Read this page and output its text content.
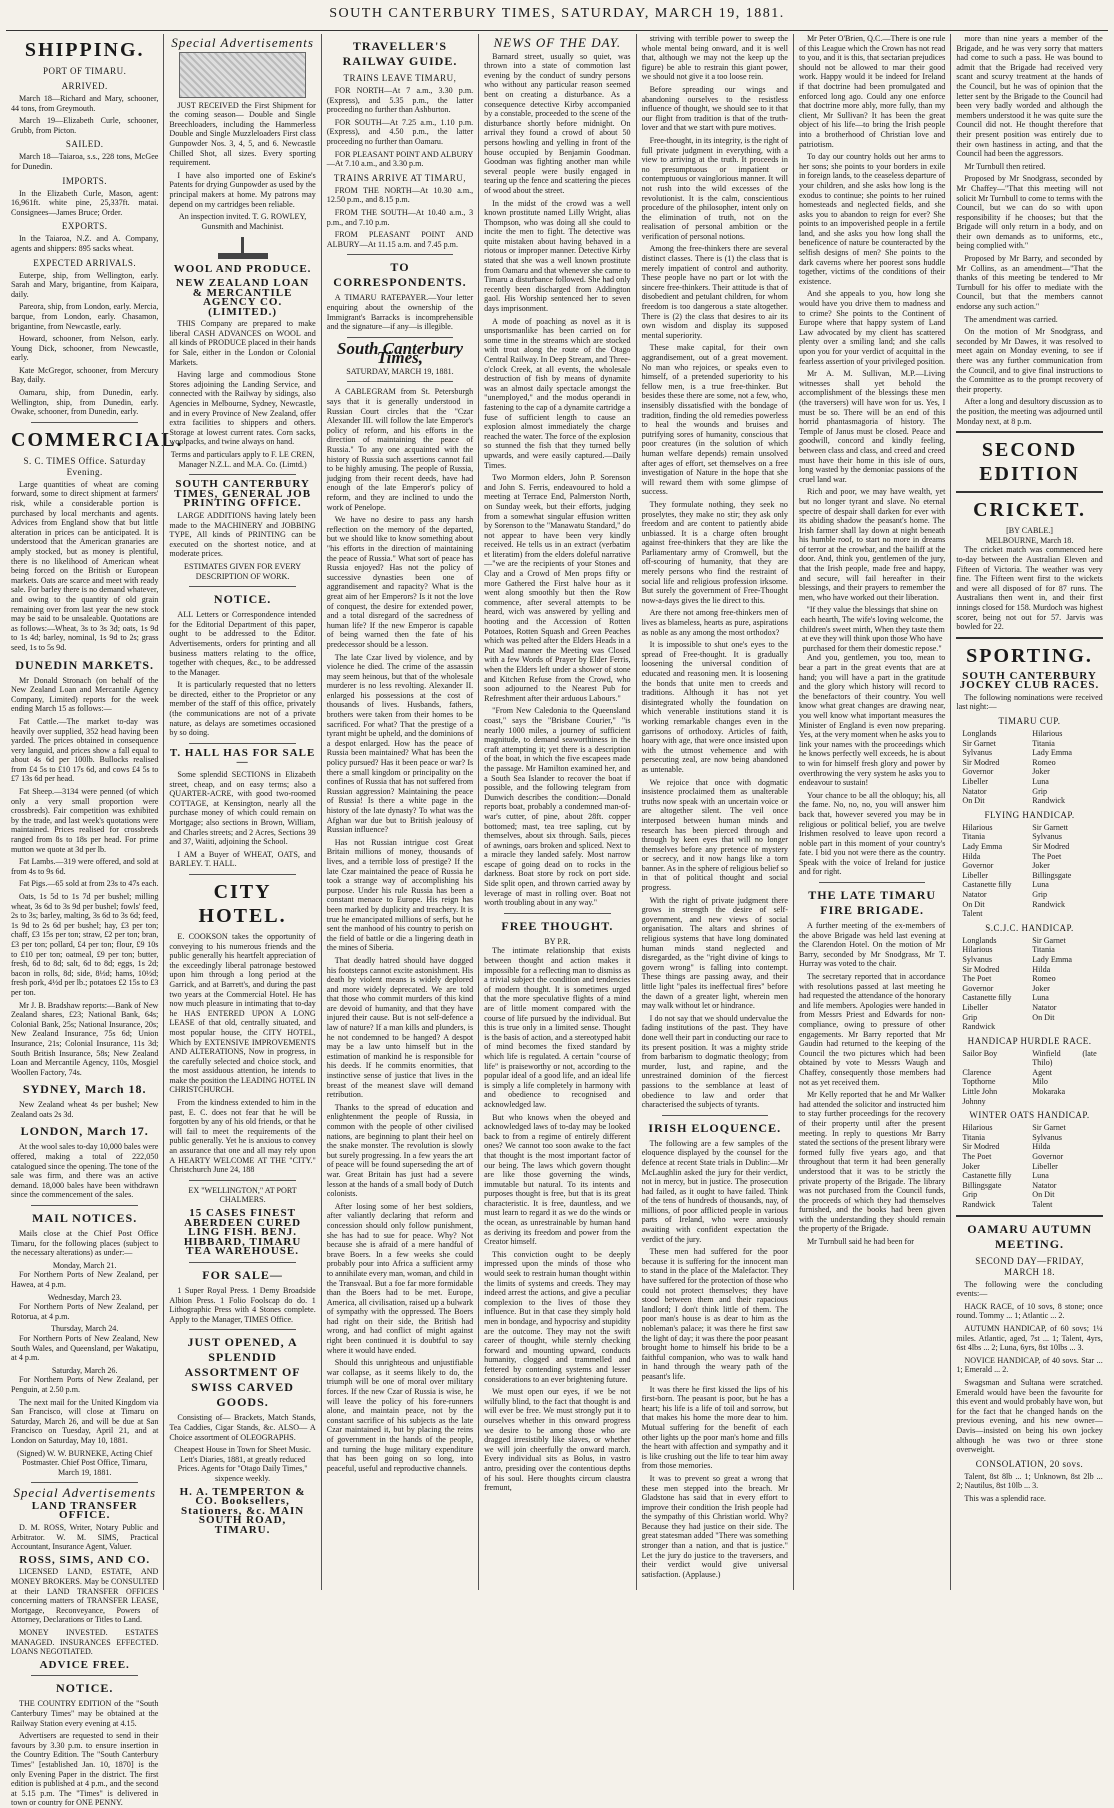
SOUTH CANTERBURY TIMES, SATURDAY, MARCH 19, 1881.
SHIPPING.
PORT OF TIMARU.
ARRIVED.

March 18—Richard and Mary, schooner, 44 tons, from Greymouth.

March 19—Elizabeth Curle, schooner, Grubb, from Picton.

SAILED.

March 18—Taiaroa, s.s., 228 tons, McGee for Dunedin.

IMPORTS.

In the Elizabeth Curle, Mason, agent: 16,961ft. white pine, 25,337ft. matai. Consignees—James Bruce; Order.

EXPORTS.

In the Taiaroa, N.Z. and A. Company, agents and shippers: 895 sacks wheat.

EXPECTED ARRIVALS.

Euterpe, ship, from Wellington, early. Sarah and Mary, brigantine, from Kaipara, daily.

Pareora, ship, from London, early. Mercia, barque, from London, early. Chasamon, brigantine, from Newcastle, early.

Howard, schooner, from Nelson, early. Young Dick, schooner, from Newcastle, early.

Kate McGregor, schooner, from Mercury Bay, daily.

Oamaru, ship, from Dunedin, early. Wellington, ship, from Dunedin, early. Owake, schooner, from Dunedin, early.

COMMERCIAL.
S. C. TIMES Office. Saturday Evening.

Large quantities of wheat are coming forward, some to direct shipment at farmers' risk, while a considerable portion is purchased by local merchants and agents. Advices from England show that but little alteration in prices can be anticipated. It is understood that the American granaries are amply stocked, but as money is plentiful, there is no likelihood of American wheat being forced on the British or European markets. Oats are scarce and meet with ready sale. For barley there is no demand whatever, and owing to the quantity of old grain remaining over from last year the new stock may be said to be unsaleable. Quotations are as follows:—Wheat, 3s to 3s 3d; oats, 1s 9d to 1s 4d; barley, nominal, 1s 9d to 2s; grass seed, 1s to 5s 9d.

DUNEDIN MARKETS.

Mr Donald Stronach (on behalf of the New Zealand Loan and Mercantile Agency Company, Limited) reports for the week ending March 15 as follows:—

Fat Cattle.—The market to-day was heavily over supplied, 352 head having been yarded. The prices obtained in consequence very languid, and prices show a fall equal to about 4s 6d per 100lb. Bullocks realised from £4 5s to £10 17s 6d, and cows £4 5s to £7 13s 6d per head.

Fat Sheep.—3134 were penned (of which only a very small proportion were crossbreds). Fair competition was exhibited by the trade, and last week's quotations were maintained. Prices realised for crossbreds ranged from 8s to 18s per head. For prime mutton we quote at 3d per lb.

Fat Lambs.—319 were offered, and sold at from 4s to 9s 6d.

Fat Pigs.—65 sold at from 23s to 47s each.

Oats, 1s 5d to 1s 7d per bushel; milling wheat, 3s 6d to 3s 9d per bushel; fowls' feed, 2s to 3s; barley, malting, 3s 6d to 3s 6d; feed, 1s 9d to 2s 6d per bushel; hay, £3 per ton; chaff, £3 15s per ton; straw, £2 per ton; bran, £3 per ton; pollard, £4 per ton; flour, £9 10s to £10 per ton; oatmeal, £9 per ton; butter, fresh, 6d to 8d; salt, 6d to 8d; eggs, 1s 2d; bacon in rolls, 8d; side, 8½d; hams, 10½d; fresh pork, 4½d per lb.; potatoes £2 15s to £3 per ton.

Mr J. B. Bradshaw reports:—Bank of New Zealand shares, £23; National Bank, 64s; Colonial Bank, 25s; National Insurance, 20s; New Zealand Insurance, 75s 6d; Union Insurance, 21s; Colonial Insurance, 11s 3d; South British Insurance, 58s; New Zealand Loan and Mercantile Agency, 110s, Mosgiel Woollen Factory, 74s.

SYDNEY, March 18.

New Zealand wheat 4s per bushel; New Zealand oats 2s 3d.

LONDON, March 17.

At the wool sales to-day 10,000 bales were offered, making a total of 222,050 catalogued since the opening. The tone of the sale was firm, and there was an active demand. 18,000 bales have been withdrawn since the commencement of the sales.

MAIL NOTICES.

Mails close at the Chief Post Office Timaru, for the following places (subject to the necessary alterations) as under:—

Monday, March 21.

For Northern Ports of New Zealand, per Hawea, at 4 p.m.

Wednesday, March 23.

For Northern Ports of New Zealand, per Rotorua, at 4 p.m.

Thursday, March 24.

For Northern Ports of New Zealand, New South Wales, and Queensland, per Wakatipu, at 4 p.m.

Saturday, March 26.

For Northern Ports of New Zealand, per Penguin, at 2.50 p.m.

The next mail for the United Kingdom via San Francisco, will close at Timaru on Saturday, March 26, and will be due at San Francisco on Tuesday, April 21, and at London on Saturday, May 10, 1881.

(Signed) W. W. BURNEKE, Acting Chief Postmaster. Chief Post Office, Timaru, March 19, 1881.
Special Advertisements
LAND TRANSFER OFFICE.

D. M. ROSS, Writer, Notary Public and Arbitrator. W. M. SIMS, Practical Accountant, Insurance Agent, Valuer.

ROSS, SIMS, AND CO.

LICENSED LAND, ESTATE, AND MONEY BROKERS. May be CONSULTED at their LAND TRANSFER OFFICES concerning matters of TRANSFER LEASE, Mortgage, Reconveyance, Powers of Attorney, Declarations or Titles to Land.

MONEY INVESTED. ESTATES MANAGED. INSURANCES EFFECTED. LOANS NEGOTIATED.

ADVICE FREE.
NOTICE.

THE COUNTRY EDITION of the "South Canterbury Times" may be obtained at the Railway Station every evening at 4.15.

Advertisers are requested to send in their favours by 3.30 p.m. to ensure insertion in the Country Edition. The "South Canterbury Times" [established Jan. 10, 1870] is the only Evening Paper in the district. The first edition is published at 4 p.m., and the second at 5.15 p.m. The "Times" is delivered in town or country for ONE PENNY.

Special Advertisements

JUST RECEIVED the First Shipment for the coming season— Double and Single Breechloaders, including the Hammerless Double and Single Muzzleloaders First class Gunpowder Nos. 3, 4, 5, and 6. Newcastle Chilled Shot, all sizes. Every sporting requirement.

I have also imported one of Eskine's Patents for drying Gunpowder as used by the principal makers at home. My patrons may depend on my cartridges been reliable.

An inspection invited. T. G. ROWLEY, Gunsmith and Machinist.
WOOL AND PRODUCE.
NEW ZEALAND LOAN & MERCANTILE AGENCY CO. (LIMITED.)

THIS Company are prepared to make liberal CASH ADVANCES on WOOL and all kinds of PRODUCE placed in their hands for Sale, either in the London or Colonial Markets.

Having large and commodious Stone Stores adjoining the Landing Service, and connected with the Railway by sidings, also Agencies in Melbourne, Sydney, Newcastle, and in every Province of New Zealand, offer extra facilities to shippers and others. Storage at lowest current rates. Corn sacks, woolpacks, and twine always on hand.

Terms and particulars apply to F. LE CREN, Manager N.Z.L. and M.A. Co. (Limtd.)
SOUTH CANTERBURY TIMES, GENERAL JOB PRINTING OFFICE.

LARGE ADDITIONS having lately been made to the MACHINERY and JOBBING TYPE, All kinds of PRINTING can be executed on the shortest notice, and at moderate prices.

ESTIMATES GIVEN FOR EVERY DESCRIPTION OF WORK.
NOTICE.

ALL Letters or Correspondence intended for the Editorial Department of this paper, ought to be addressed to the Editor. Advertisements, orders for printing and all business matters relating to the office, together with cheques, &c., to be addressed to the Manager.

It is particularly requested that no letters be directed, either to the Proprietor or any member of the staff of this office, privately (the communications are not of a private nature, as delays are sometimes occasioned by so doing.

T. HALL HAS FOR SALE—

Some splendid SECTIONS in Elizabeth street, cheap, and on easy terms; also a QUARTER-ACRE, with good two-roomed COTTAGE, at Kensington, nearly all the purchase money of which could remain on Mortgage; also sections in Brown, William, and Charles streets; and 2 Acres, Sections 39 and 37, Waiiti, adjoining the School.

I AM a Buyer of WHEAT, OATS, and BARLEY. T. HALL.

CITY HOTEL.

E. COOKSON takes the opportunity of conveying to his numerous friends and the public generally his heartfelt appreciation of the exceedingly liberal patronage bestowed upon him through a long period at the Garrick, and at Barrett's, and during the past two years at the Commercial Hotel. He has now much pleasure in intimating that to-day he HAS ENTERED UPON A LONG LEASE of that old, centrally situated, and most popular house, the CITY HOTEL, Which by EXTENSIVE IMPROVEMENTS AND ALTERATIONS, Now in progress, in the carefully selected and choice stock, and the most assiduous attention, he intends to make the position the LEADING HOTEL IN CHRISTCHURCH.

From the kindness extended to him in the past, E. C. does not fear that he will be forgotten by any of his old friends, or that he will fail to meet the requirements of the public generally. Yet he is anxious to convey an assurance that one and all may rely upon A HEARTY WELCOME AT THE "CITY." Christchurch June 24, 188

EX "WELLINGTON," AT PORT CHALMERS.
15 CASES FINEST ABERDEEN CURED LING FISH. BENJ. HIBBARD, TIMARU TEA WAREHOUSE.
FOR SALE—

1 Super Royal Press. 1 Demy Broadside Albion Press. 1 Folio Foolscap do do. 1 Lithographic Press with 4 Stones complete. Apply to the Manager, TIMES Office.

JUST OPENED, A SPLENDID ASSORTMENT OF SWISS CARVED GOODS.

Consisting of— Brackets, Match Stands, Tea Caddies, Cigar Stands, &c. ALSO— A Choice assortment of OLEOGRAPHS.

Cheapest House in Town for Sheet Music. Lett's Diaries, 1881, at greatly reduced Prices. Agents for "Otago Daily Times," sixpence weekly.
H. A. TEMPERTON & CO. Booksellers, Stationers, &c. MAIN SOUTH ROAD, TIMARU.
TRAVELLER'S RAILWAY GUIDE.
TRAINS LEAVE TIMARU,

FOR NORTH—At 7 a.m., 3.30 p.m. (Express), and 5.35 p.m., the latter proceeding no further than Ashburton.

FOR SOUTH—At 7.25 a.m., 1.10 p.m. (Express), and 4.50 p.m., the latter proceeding no further than Oamaru.

FOR PLEASANT POINT AND ALBURY—At 7.10 a.m., and 3.30 p.m.

TRAINS ARRIVE AT TIMARU,

FROM THE NORTH—At 10.30 a.m., 12.50 p.m., and 8.15 p.m.

FROM THE SOUTH—At 10.40 a.m., 3 p.m., and 7.10 p.m.

FROM PLEASANT POINT AND ALBURY—At 11.15 a.m. and 7.45 p.m.

TO CORRESPONDENTS.

A TIMARU RATEPAYER.—Your letter enquiring about the ownership of the Immigrant's Barracks is incomprehensible and the signature—if any—is illegible.

South Canterbury Times,
SATURDAY, MARCH 19, 1881.

A CABLEGRAM from St. Petersburgh says that it is generally understood in Russian Court circles that the "Czar Alexander III. will follow the late Emperor's policy of reform, and his efforts in the direction of maintaining the peace of Russia." To any one acquainted with the history of Russia such assertions cannot fail to be highly amusing. The people of Russia, judging from their recent deeds, have had enough of the late Emperor's policy of reform, and they are inclined to undo the work of Penelope.

We have no desire to pass any harsh reflection on the memory of the departed, but we should like to know something about "his efforts in the direction of maintaining the peace of Russia." What sort of peace has Russia enjoyed? Has not the policy of successive dynasties been one of aggrandisement and rapacity? What is the great aim of her Emperors? Is it not the love of conquest, the desire for extended power, and a total disregard of the sacredness of human life? If the new Emperor is capable of being warned then the fate of his predecessor should be a lesson.

The late Czar lived by violence, and by violence he died. The crime of the assassin may seem heinous, but that of the wholesale murderer is no less revolting. Alexander II. enlarged his possessions at the cost of thousands of lives. Husbands, fathers, brothers were taken from their homes to be sacrificed. For what? That the prestige of a tyrant might be upheld, and the dominions of a despot enlarged. How has the peace of Russia been maintained? What has been the policy pursued? Has it been peace or war? Is there a small kingdom or principality on the confines of Russia that has not suffered from Russian aggression? Maintaining the peace of Russia! Is there a white page in the history of the late dynasty? To what was the Afghan war due but to British jealousy of Russian influence?

Has not Russian intrigue cost Great Britain millions of money, thousands of lives, and a terrible loss of prestige? If the late Czar maintained the peace of Russia he took a strange way of accomplishing his purpose. Under his rule Russia has been a constant menace to Europe. His reign has been marked by duplicity and treachery. It is true he emancipated millions of serfs, but he sent the manhood of his country to perish on the field of battle or die a lingering death in the mines of Siberia.

That deadly hatred should have dogged his footsteps cannot excite astonishment. His death by violent means is widely deplored and more widely deprecated. We are told that those who commit murders of this kind are devoid of humanity, and that they have injured their cause. But is not self-defence a law of nature? If a man kills and plunders, is he not condemned to be hanged? A despot may be a law unto himself but in the estimation of mankind he is responsible for his deeds. If he commits enormities, that instinctive sense of justice that lives in the breast of the meanest slave will demand retribution.

Thanks to the spread of education and enlightenment the people of Russia, in common with the people of other civilised nations, are beginning to plant their heel on the snake monster. The revolution is slowly but surely progressing. In a few years the art of peace will be found superseding the art of war. Great Britain has just had a severe lesson at the hands of a small body of Dutch colonists.

After losing some of her best soldiers, after valiantly declaring that reform and concession should only follow punishment, she has had to sue for peace. Why? Not because she is afraid of a mere handful of brave Boers. In a few weeks she could probably pour into Africa a sufficient army to annihilate every man, woman, and child in the Transvaal. But a foe far more formidable than the Boers had to be met. Europe, America, all civilisation, raised up a bulwark of sympathy with the oppressed. The Boers had right on their side, the British had wrong, and had conflict of might against right been continued it is doubtful to say where it would have ended.

Should this unrighteous and unjustifiable war collapse, as it seems likely to do, the triumph will be one of moral over military forces. If the new Czar of Russia is wise, he will leave the policy of his fore-runners alone, and maintain peace, not by the constant sacrifice of his subjects as the late Czar maintained it, but by placing the reins of government in the hands of the people, and turning the huge military expenditure that has been going on so long, into peaceful, useful and reproductive channels.

NEWS OF THE DAY.

Barnard street, usually so quiet, was thrown into a state of commotion last evening by the conduct of sundry persons who without any particular reason seemed bent on creating a disturbance. As a consequence detective Kirby accompanied by a constable, proceeded to the scene of the disturbance shortly before midnight. On arrival they found a crowd of about 50 persons howling and yelling in front of the house occupied by Benjamin Goodman. Goodman was fighting another man while several people were busily engaged in tearing up the fence and scattering the pieces of wood about the street.

In the midst of the crowd was a well known prostitute named Lilly Wright, alias Thompson, who was doing all she could to incite the men to fight. The detective was quite mistaken about having behaved in a riotous or improper manner. Detective Kirby stated that she was a well known prostitute from Oamaru and that whenever she came to Timaru a disturbance followed. She had only recently been discharged from Addington gaol. His Worship sentenced her to seven days imprisonment.

A mode of poaching as novel as it is unsportsmanlike has been carried on for some time in the streams which are stocked with trout along the route of the Otago Central Railway. In Deep Stream, and Three-o'clock Creek, at all events, the wholesale destruction of fish by means of dynamite was an almost daily spectacle amongst the "unemployed," and the modus operandi in fastening to the cap of a dynamite cartridge a fuse of sufficient length to cause an explosion almost immediately the charge reached the water. The force of the explosion so stunned the fish that they turned belly upwards, and were easily captured.—Daily Times.

Two Mormon elders, John P. Sorenson and John S. Ferris, endeavoured to hold a meeting at Terrace End, Palmerston North, on Sunday week, but their efforts, judging from a somewhat singular effusion written by Sorenson to the "Manawatu Standard," do not appear to have been very kindly received. He tells us in an extract (verbatim et literatim) from the elders doleful narrative—"we are the recipients of your Stones and Clay and a Crowd of Men props fifty or more Gathered the First halve hour as it went along smoothly but then the Row commence, after several attempts to be heard, wich was answered by yelling and hooting and the Accession of Rotten Potatoes, Rotten Squash and Green Peaches which was pelted after the Elders Heads in a Put Mad manner the Meeting was Closed with a few Words of Prayer by Elder Ferris, when the Elders left under a shower of stone and Kitchen Refuse from the Crowd, who soon adjourned to the Nearest Pub for Refreshment after their arduous Labours."

"From New Caledonia to the Queensland coast," says the "Brisbane Courier," "is nearly 1000 miles, a journey of sufficient magnitude, to demand seaworthiness in the craft attempting it; yet there is a description of the boat, in which the five escapees made the passage. Mr Hamilton examined her, and a South Sea Islander to recover the boat if possible, and the following telegram from Dunwich describes the condition:—Donald reports boat, probably a condemned man-of-war's cutter, of pine, about 28ft. copper bottomed; mast, tea tree sapling, cut by themselves, about six through. Sails, pieces of awnings, oars broken and spliced. Next to a miracle they landed safely. Most narrow escape of going dead on to rocks in the darkness. Boat store by rock on port side. Side split open, and thrown carried away by leverage of mast in rolling over. Boat not worth troubling about in any way."

FREE THOUGHT.
BY P.R.

The intimate relationship that exists between thought and action makes it impossible for a reflecting man to dismiss as a trivial subject the condition and tendencies of modern thought. It is sometimes urged that the more speculative flights of a mind are of little moment compared with the course of life pursued by the individual. But this is true only in a limited sense. Thought is the basis of action, and a stereotyped habit of mind becomes the fixed standard by which life is regulated. A certain "course of life" is praiseworthy or not, according to the popular ideal of a good life, and an ideal life is simply a life completely in harmony with and obedience to recognised and acknowledged law.

But who knows when the obeyed and acknowledged laws of to-day may be looked back to from a regime of entirely different ones? We cannot too soon awake to the fact that thought is the most important factor of our being. The laws which govern thought are like those governing the winds, immutable but natural. To its intents and purposes thought is free, but that is its great characteristic. It is free, dauntless, and we must learn to regard it as we do the winds or the ocean, as unrestrainable by human hand as deriving its freedom and power from the Creator himself.

This conviction ought to be deeply impressed upon the minds of those who would seek to restrain human thought within the limits of systems and creeds. They may indeed arrest the actions, and give a peculiar complexion to the lives of those they influence. But in that case they simply hold men in bondage, and hypocrisy and stupidity are the outcome. They may not the swift career of thought, while sternly checking forward and mounting upward, conducts humanity, clogged and trammelled and fettered by contending systems and lesser considerations to an ever brightening future.

We must open our eyes, if we be not wilfully blind, to the fact that thought is and will ever be free. We must strongly put it to ourselves whether in this onward progress we desire to be among those who are dragged irresistibly like slaves, or whether we will join cheerfully the onward march. Every individual sits as Bolus, in vastro antro, presiding over the contentious depths of his soul. Here thoughts circum claustra fremunt,

striving with terrible power to sweep the whole mental being onward, and it is well that, although we may not the keep up the figure) be able to restrain this giant power, we should not give it a too loose rein.

Before spreading our wings and abandoning ourselves to the resistless influence of thought, we should see to it that our flight from tradition is that of the truth-lover and that we start with pure motives.

Free-thought, in its integrity, is the right of full private judgment in everything, with a view to arriving at the truth. It proceeds in no presumptuous or impatient or contemptuous or vainglorious manner. It will not rush into the wild excesses of the revolutionist. It is the calm, conscientious procedure of the philosopher, intent only on the elimination of truth, not on the realisation of personal ambition or the verification of personal notions.

Among the free-thinkers there are several distinct classes. There is (1) the class that is merely impatient of control and authority. These people have no part or lot with the sincere free-thinkers. Their attitude is that of disobedient and petulant children, for whom freedom is too dangerous a state altogether. There is (2) the class that desires to air its own wisdom and display its supposed mental superiority.

These make capital, for their own aggrandisement, out of a great movement. No man who rejoices, or speaks even to himself, of a pretended superiority to his fellow men, is a true free-thinker. But besides these there are some, not a few, who, insensibly dissatisfied with the bondage of tradition, finding the old remedies powerless to heal the wounds and bruises and putrifying sores of humanity, conscious that poor creatures (in the solution of which human welfare depends) remain unsolved after ages of effort, set themselves on a free investigation of Nature in the hope that she will reward them with some glimpse of success.

They formulate nothing, they seek no proselytes, they make no stir; they ask only freedom and are content to patiently abide unbiassed. It is a charge often brought against free-thinkers that they are like the Parliamentary army of Cromwell, but the off-scouring of humanity, that they are merely persons who find the restraint of social life and religious profession irksome. But surely the government of Free-Thought now-a-days gives the lie direct to this.

Are there not among free-thinkers men of lives as blameless, hearts as pure, aspirations as noble as any among the most orthodox?

It is impossible to shut one's eyes to the spread of Free-thought. It is gradually loosening the universal condition of educated and reasoning men. It is loosening the bonds that unite men to creeds and traditions. Although it has not yet disintegrated wholly the foundation on which venerable institutions stand it is working remarkable changes even in the garrisons of orthodoxy. Articles of faith, hoary with age, that were once insisted upon with the utmost vehemence and with persecuting zeal, are now being abandoned as untenable.

We rejoice that once with dogmatic insistence proclaimed them as unalterable truths now speak with an uncertain voice or are altogether silent. The veil once interposed between human minds and research has been pierced through and through by keen eyes that will no longer themselves before any pretence of mystery or secrecy, and it now hangs like a torn banner. As in the sphere of religious belief so in that of political thought and social progress.

With the right of private judgment there grows in strength the desire of self-government, and new views of social organisation. The altars and shrines of religious systems that have long dominated human minds stand neglected and disregarded, as the "right divine of kings to govern wrong" is falling into contempt. These things are passing away, and their little light "pales its ineffectual fires" before the dawn of a greater light, wherein men may walk without let or hindrance.

I do not say that we should undervalue the fading institutions of the past. They have done well their part in conducting our race to its present position. It was a mighty stride from barbarism to dogmatic theology; from murder, lust, and rapine, and the unrestrained dominion of the fiercest passions to the semblance at least of obedience to law and order that characterised the subjects of tyrants.

IRISH ELOQUENCE.

The following are a few samples of the eloquence displayed by the counsel for the defence at recent State trials in Dublin:—Mr McLaughlin asked the jury for their verdict, not in mercy, but in justice. The prosecution had failed, as it ought to have failed. Think of the tens of hundreds of thousands, nay, of millions, of poor afflicted people in various parts of Ireland, who were anxiously awaiting with confident expectation the verdict of the jury.

These men had suffered for the poor because it is suffering for the innocent man to stand in the place of the Malefactor. They have suffered for the protection of those who could not protect themselves; they have stood between them and their rapacious landlord; I don't think little of them. The poor man's house is as dear to him as the nobleman's palace; it was there he first saw the light of day; it was there the poor peasant brought home to himself his bride to be a faithful companion, who was to walk hand in hand through the weary path of the peasant's life.

It was there he first kissed the lips of his first-born. The peasant is poor, but he has a heart; his life is a life of toil and sorrow, but that makes his home the more dear to him. Mutual suffering for the benefit of each other lights up the poor man's home and fills the heart with affection and sympathy and it is like crushing out the life to tear him away from those memories.

It was to prevent so great a wrong that these men stepped into the breach. Mr Gladstone has said that in every effort to improve their condition the Irish people had the sympathy of this Christian world. Why? Because they had justice on their side. The great statesman added "There was something stronger than a nation, and that is justice." Let the jury do justice to the traversers, and their verdict would give universal satisfaction. (Applause.)

Mr Peter O'Brien, Q.C.—There is one rule of this League which the Crown has not read to you, and it is this, that sectarian prejudices should not be allowed to mar their good work. Happy would it be indeed for Ireland if that doctrine had been promulgated and enforced long ago. Could any one enforce that doctrine more ably, more fully, than my client, Mr Sullivan? It has been the great object of his life—to bring the Irish people into a brotherhood of Christian love and patriotism.

To day our country holds out her arms to her sons; she points to your borders in exile in foreign lands, to the ceaseless departure of your children, and she asks how long is the exodus to continue; she points to her ruined homesteads and neglected fields, and she asks you to abandon to reign for ever? She points to an impoverished people in a fertile land, and she asks you how long shall the beneficence of nature be counteracted by the selfish designs of men? She points to the dark caverns where her poorest sons huddle together, victims of the conditions of their existence.

And she appeals to you, how long she would have you drive them to madness and to crime? She points to the Continent of Europe where that happy system of Land Law advocated by my client has scattered plenty over a smiling land; and she calls upon you for your verdict of acquittal in the fearless assertion of your privileged position.

Mr A. M. Sullivan, M.P.—Living witnesses shall yet behold the accomplishment of the blessings these men (the traversers) will have won for us. Yes, I must be so. There will be an end of this horrid phantasmagoria of history. The Temple of Janus must be closed. Peace and goodwill, concord and kindly feeling, between class and class, and creed and creed must have their home in this isle of ours, long wasted by the demoniac passions of the cruel land war.

Rich and poor, we may have wealth, yet but no longer tyrant and slave. No eternal spectre of despair shall darken for ever with its abiding shadow the peasant's home. The Irish farmer shall lay down at night beneath his humble roof, to start no more in dreams of terror at the crowbar, and the bailiff at the door. And, think you, gentlemen of the jury, that the Irish people, made free and happy, and secure, will fail hereafter in their blessings, and their prayers to remember the men, who have worked out their liberation.

"If they value the blessings that shine on each hearth, The wife's loving welcome, the children's sweet mirth, When they taste them at eve they will think upon those Who have purchased for them their domestic repose."

And you, gentlemen, you too, mean to bear a part in the great events that are at hand; you will have a part in the gratitude and the glory which history will record to the benefactors of their country. You well know what great changes are drawing near, you well know what important measures the Minister of England is even now preparing. Yes, at the very moment when he asks you to link your names with the proceedings which he knows perfectly well exceeds, he is about to win for himself fresh glory and power by overthrowing the very system he asks you to endeavour to sustain!

Your chance to be all the obloquy; his, all the fame. No, no, no, you will answer him back that, however severed you may be in religious or political belief, you are twelve Irishmen resolved to leave upon record a noble part in this moment of your country's fate. I bid you not were there as the country. Speak with the voice of Ireland for justice and for right.

THE LATE TIMARU FIRE BRIGADE.

A further meeting of the ex-members of the above Brigade was held last evening at the Clarendon Hotel. On the motion of Mr Barry, seconded by Mr Snodgrass, Mr T. Hurray was voted to the chair.

The secretary reported that in accordance with resolutions passed at last meeting he had requested the attendance of the honorary and life members. Apologies were handed in from Messrs Priest and Edwards for non-compliance, owing to pressure of other engagements. Mr Barry reported that Mr Gaudin had returned to the keeping of the Council the two pictures which had been obtained by vote to Messrs Waugh and Chaffey, consequently those members had not as yet received them.

Mr Kelly reported that he and Mr Walker had attended the solicitor and instructed him to stay further proceedings for the recovery of their property until after the present meeting. In reply to questions Mr Barry stated the sections of the present library were formed fully five years ago, and that throughout that term it had been generally understood that it was to be strictly the private property of the Brigade. The library was not purchased from the Council funds, the proceeds of which they had themselves furnished, and the books had been given with the understanding they should remain the property of the Brigade.

Mr Turnbull said he had been for

more than nine years a member of the Brigade, and he was very sorry that matters had come to such a pass. He was bound to admit that the Brigade had received very scant and scurvy treatment at the hands of the Council, but he was of opinion that the letter sent by the Brigade to the Council had been very badly worded and although the members understood it he was quite sure the Council did not. He thought therefore that their present position was entirely due to their own hastiness in acting, and that the Council had been the aggressors.

Mr Turnbull then retired.

Proposed by Mr Snodgrass, seconded by Mr Chaffey—"That this meeting will not solicit Mr Turnbull to come to terms with the Council, but we can do so with upon responsibility if he chooses; but that the Brigade will only return in a body, and on their own demands as to uniforms, etc., being complied with."

Proposed by Mr Barry, and seconded by Mr Collins, as an amendment—"That the thanks of this meeting be tendered to Mr Turnbull for his offer to mediate with the Council, but that the members cannot endorse any such action."

The amendment was carried.

On the motion of Mr Snodgrass, and seconded by Mr Dawes, it was resolved to meet again on Monday evening, to see if there was any further communication from the Council, and to give final instructions to the Committee as to the prompt recovery of their property.

After a long and desultory discussion as to the position, the meeting was adjourned until Monday next, at 8 p.m.

SECOND EDITION
CRICKET.
[BY CABLE.]
MELBOURNE, March 18.

The cricket match was commenced here to-day between the Australian Eleven and Fifteen of Victoria. The weather was very fine. The Fifteen went first to the wickets and were all disposed of for 87 runs. The Australians then went in, and their first innings closed for 158. Murdoch was highest scorer, being not out for 57. Jarvis was bowled for 22.

SPORTING.
SOUTH CANTERBURY JOCKEY CLUB RACES.

The following nominations were received last night:—

TIMARU CUP.
Longlands	Hilarious
Sir Garnet	Titania
Sylvanus	Lady Emma
Sir Modred	Romeo
Governor	Joker
Libeller	Luna
Natator	Grip
On Dit	Randwick
FLYING HANDICAP.
Hilarious	Sir Garnett
Titania	Sylvanus
Lady Emma	Sir Modred
Hilda	The Poet
Governor	Joker
Libeller	Billingsgate
Castanette filly	Luna
Natator	Grip
On Dit	Randwick
Talent
S.C.J.C. HANDICAP.
Longlands	Sir Garnet
Hilarious	Titania
Sylvanus	Lady Emma
Sir Modred	Hilda
The Poet	Romeo
Governor	Joker
Castanette filly	Luna
Libeller	Natator
Grip	On Dit
Randwick
HANDICAP HURDLE RACE.
Sailor Boy	Winfield (late Thilo)
Clarence	Agent
Topthorne	Milo
Little John	Mokaraka
Johnny
WINTER OATS HANDICAP.
Hilarious	Sir Garnet
Titania	Sylvanus
Sir Modred	Hilda
The Poet	Governor
Joker	Libeller
Castanette filly	Luna
Billingsgate	Natator
Grip	On Dit
Randwick	Talent
OAMARU AUTUMN MEETING.
SECOND DAY—FRIDAY, MARCH 18.

The following were the concluding events:—

HACK RACE, of 10 sovs, 8 stone; once round. Tommy ... 1; Atlantic ... 2.

AUTUMN HANDICAP, of 60 sovs; 1¼ miles. Atlantic, aged, 7st ... 1; Talent, 4yrs, 6st 4lbs ... 2; Luna, 6yrs, 8st 10lbs ... 3.

NOVICE HANDICAP, of 40 sovs. Star ... 1; Emerald ... 2.

Swagsman and Sultana were scratched. Emerald would have been the favourite for this event and would probably have won, but for the fact that he changed hands on the previous evening, and his new owner—Davis—insisted on being his own jockey although he was two or three stone overweight.

CONSOLATION, 20 sovs.

Talent, 8st 8lb ... 1; Unknown, 8st 2lb ... 2; Nautilus, 8st 10lb ... 3.

This was a splendid race.
